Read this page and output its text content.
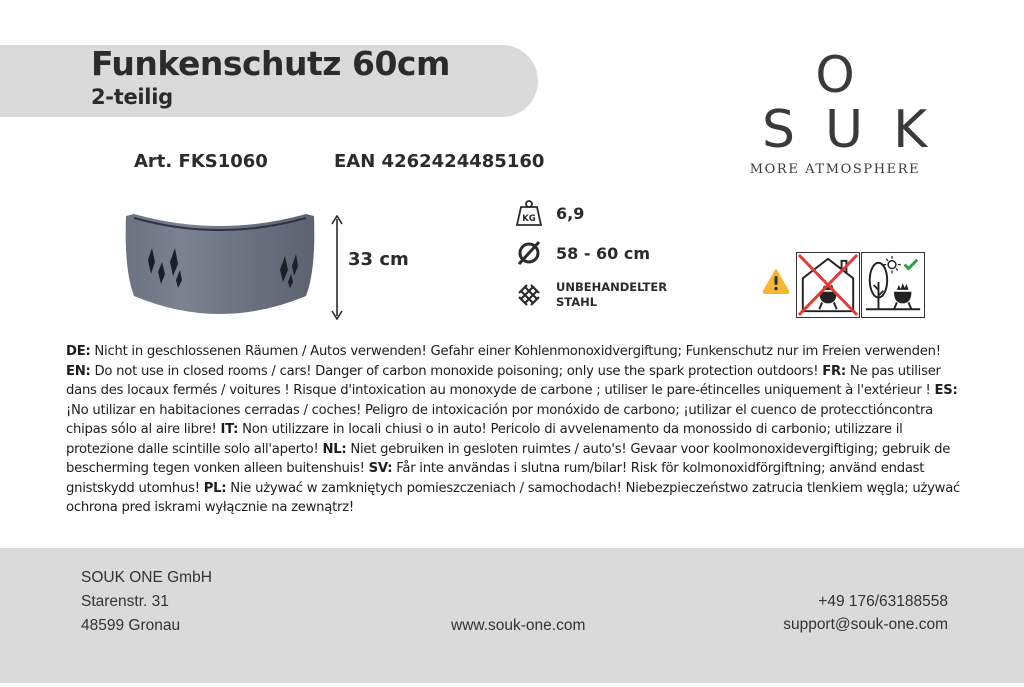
Funkenschutz 60cm
2-teilig
Art. FKS1060	EAN 4262424485160
O
SUK
MORE ATMOSPHERE
33 cm
KG 6,9
58 - 60 cm
UNBEHANDELTER
STAHL
DE: Nicht in geschlossenen Räumen / Autos verwenden! Gefahr einer Kohlenmonoxidvergiftung; Funkenschutz nur im Freien verwenden! EN: Do not use in closed rooms / cars! Danger of carbon monoxide poisoning; only use the spark protection outdoors! FR: Ne pas utiliser dans des locaux fermés / voitures ! Risque d'intoxication au monoxyde de carbone ; utiliser le pare-étincelles uniquement à l'extérieur ! ES: ¡No utilizar en habitaciones cerradas / coches! Peligro de intoxicación por monóxido de carbono; ¡utilizar el cuenco de protecctióncontra chipas sólo al aire libre! IT: Non utilizzare in locali chiusi o in auto! Pericolo di avvelenamento da monossido di carbonio; utilizzare il protezione dalle scintille solo all'aperto! NL: Niet gebruiken in gesloten ruimtes / auto's! Gevaar voor koolmonoxidevergiftiging; gebruik de bescherming tegen vonken alleen buitenshuis! SV: Får inte användas i slutna rum/bilar! Risk för kolmonoxidförgiftning; använd endast gnistskydd utomhus! PL: Nie używać w zamkniętych pomieszczeniach / samochodach! Niebezpieczeństwo zatrucia tlenkiem węgla; używać ochrona pred iskrami wyłącznie na zewnątrz!
SOUK ONE GmbH
Starenstr. 31
48599 Gronau	www.souk-one.com
+49 176/63188558
support@souk-one.com
